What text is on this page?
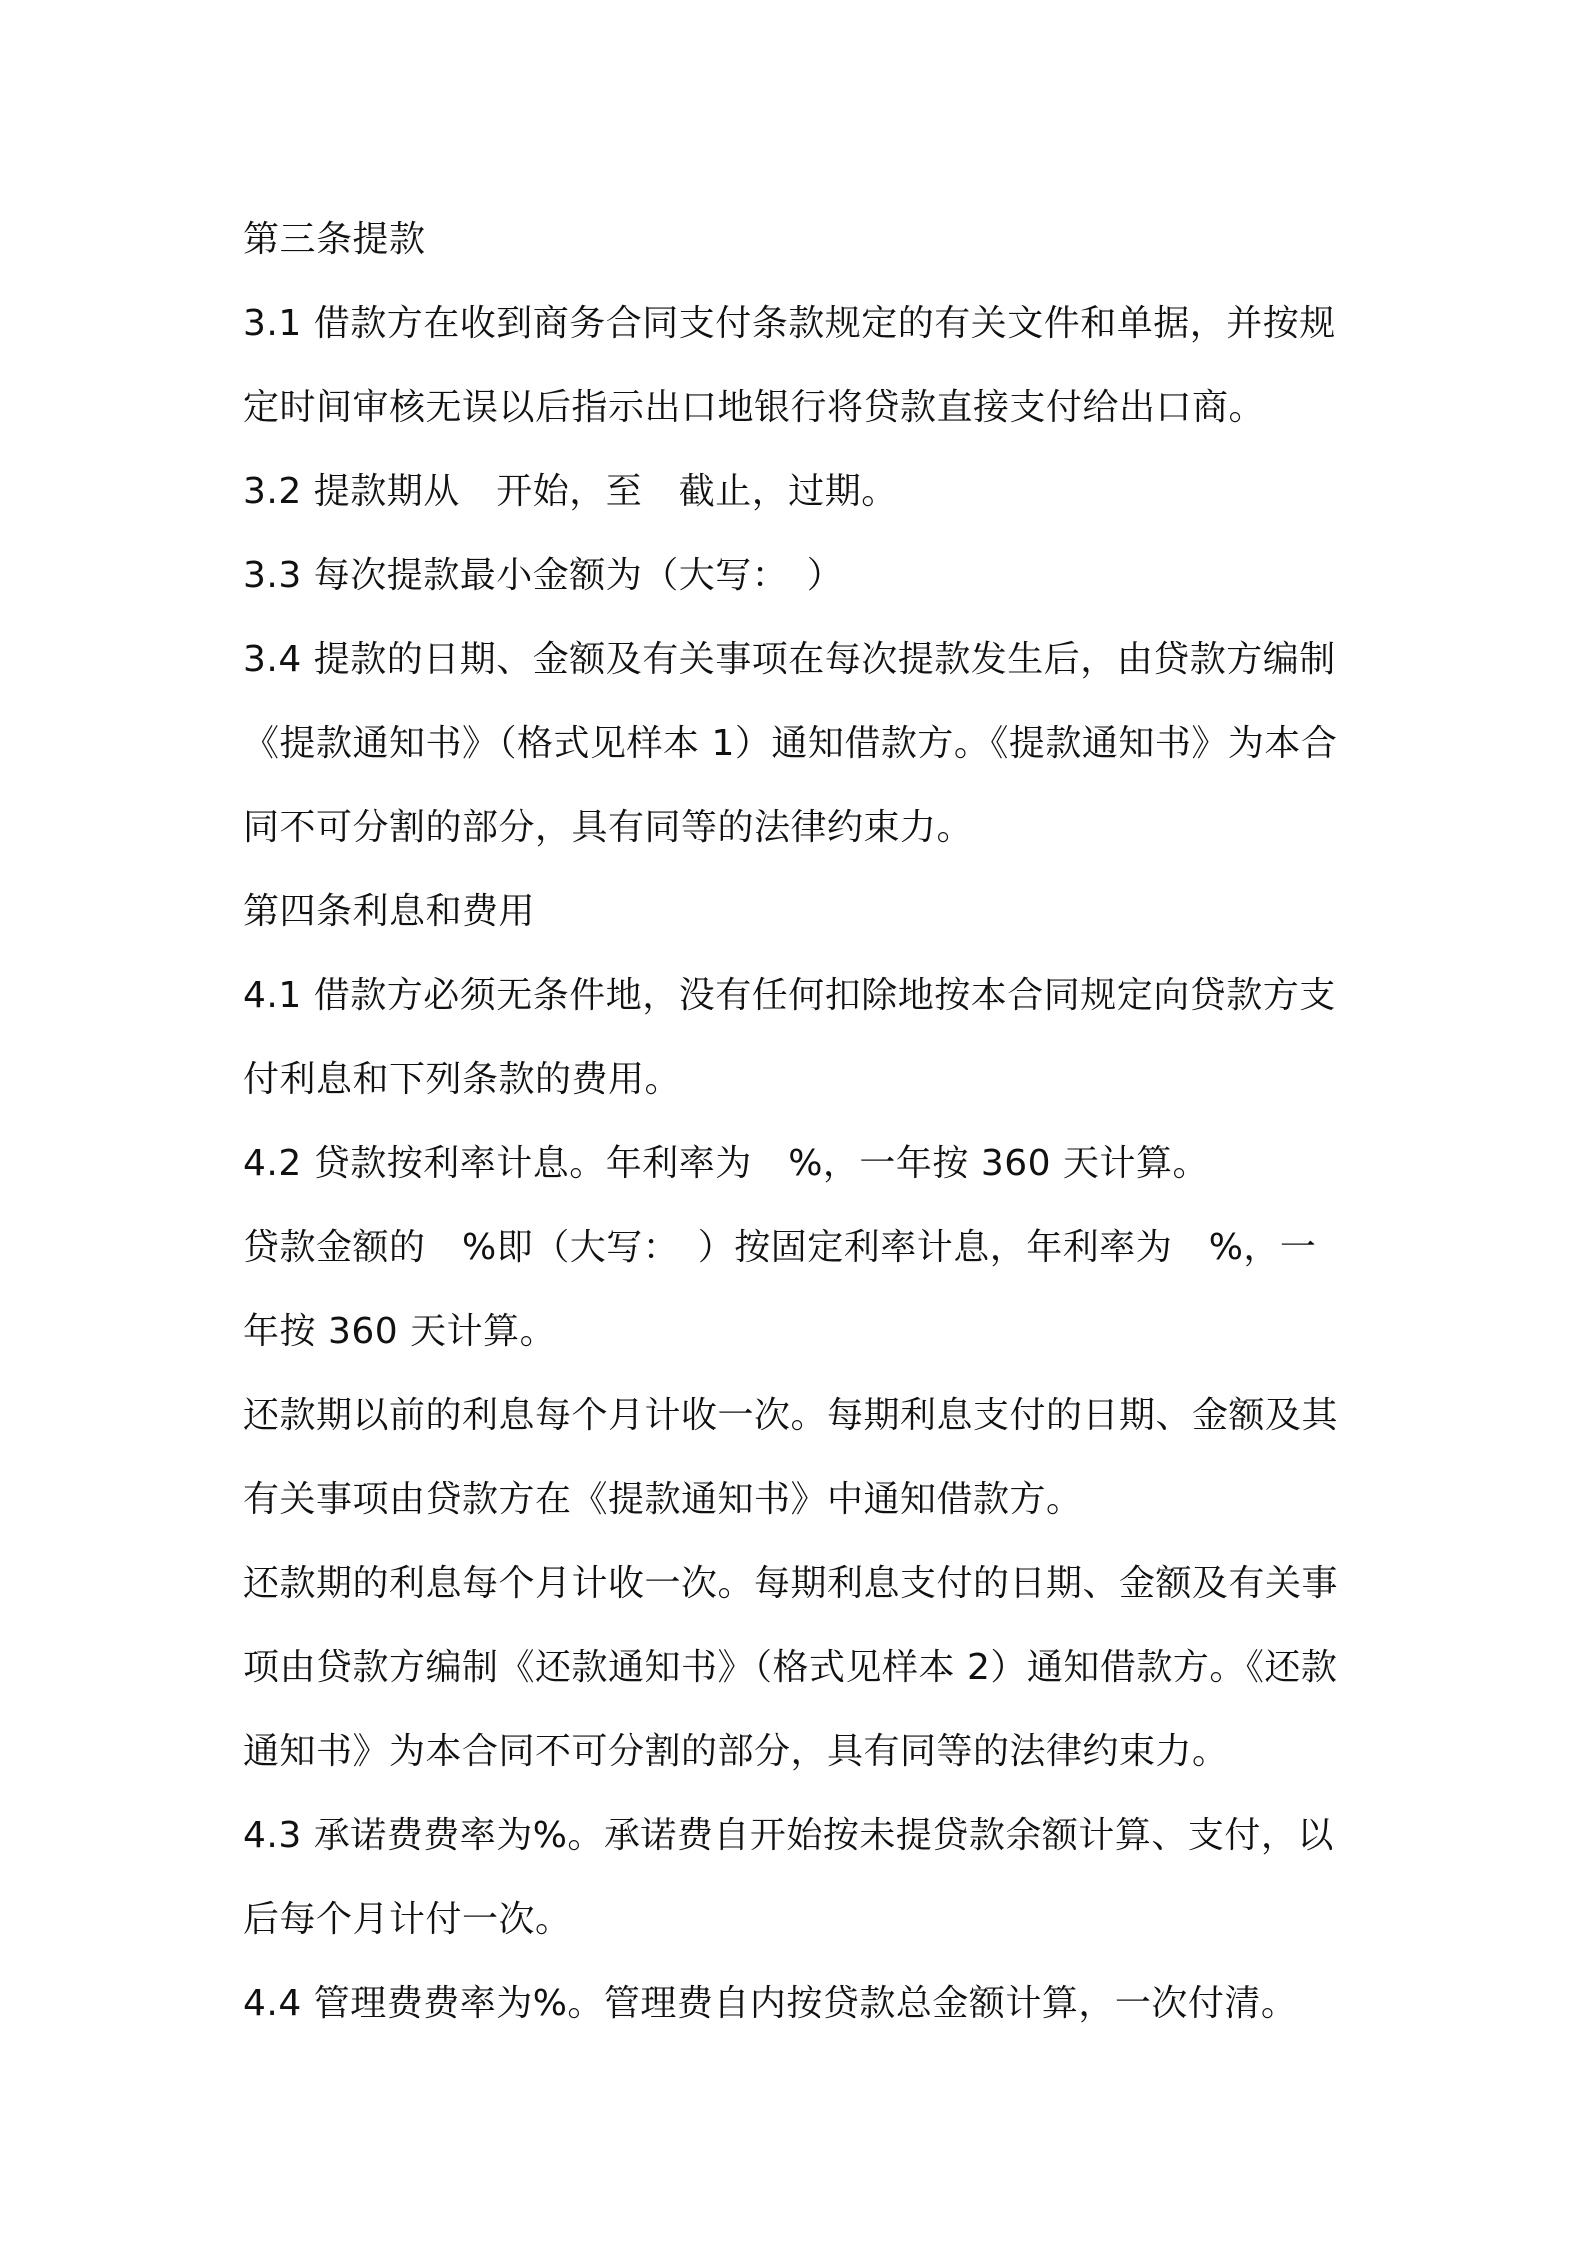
第三条提款
3.1 借款方在收到商务合同支付条款规定的有关文件和单据，并按规
定时间审核无误以后指示出口地银行将贷款直接支付给出口商。
3.2 提款期从　开始，至　截止，过期。
3.3 每次提款最小金额为（大写：　）
3.4 提款的日期、金额及有关事项在每次提款发生后，由贷款方编制
《提款通知书》（格式见样本 1）通知借款方。《提款通知书》为本合
同不可分割的部分，具有同等的法律约束力。
第四条利息和费用
4.1 借款方必须无条件地，没有任何扣除地按本合同规定向贷款方支
付利息和下列条款的费用。
4.2 贷款按利率计息。年利率为　%，一年按 360 天计算。
贷款金额的　%即（大写：　）按固定利率计息，年利率为　%，一
年按 360 天计算。
还款期以前的利息每个月计收一次。每期利息支付的日期、金额及其
有关事项由贷款方在《提款通知书》中通知借款方。
还款期的利息每个月计收一次。每期利息支付的日期、金额及有关事
项由贷款方编制《还款通知书》（格式见样本 2）通知借款方。《还款
通知书》为本合同不可分割的部分，具有同等的法律约束力。
4.3 承诺费费率为%。承诺费自开始按未提贷款余额计算、支付，以
后每个月计付一次。
4.4 管理费费率为%。管理费自内按贷款总金额计算，一次付清。
